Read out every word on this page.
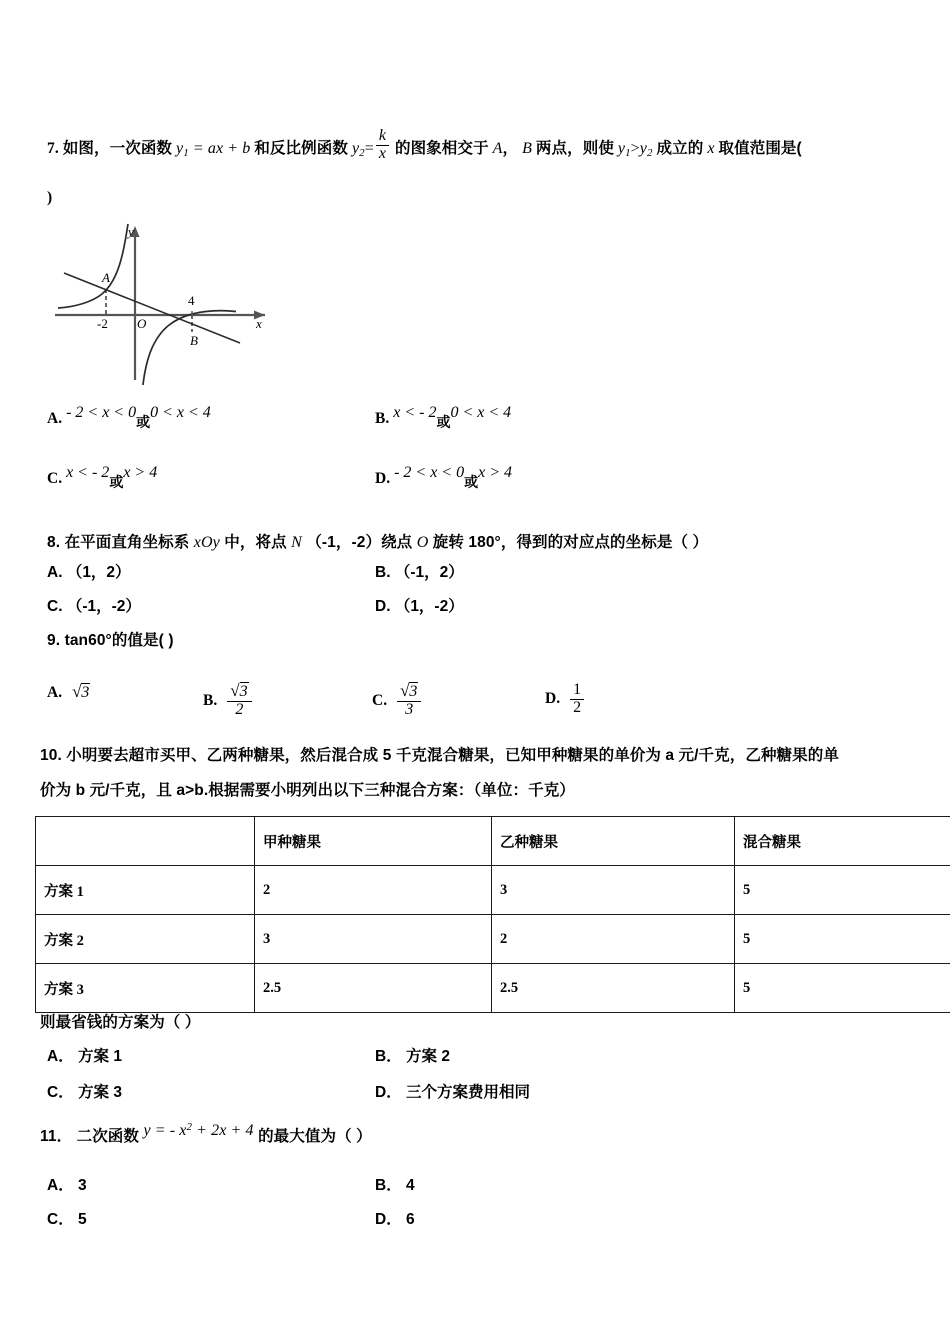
7. 如图，一次函数 $y_1$ = ax + b 和反比例函数 $y_2= \frac{k}{x}$ 的图象相交于 A， B 两点，则使 $y_1>y_2$ 成立的 x 取值范围是(
)
y
x
O
-2
4
A
B
A. - 2 < x < 0或0 < x < 4	B. x < - 2或0 < x < 4
C. x < - 2或x > 4	D. - 2 < x < 0或x > 4
8. 在平面直角坐标系 xOy 中，将点 N （-1，-2）绕点 O 旋转 180°，得到的对应点的坐标是（ ）
A. （1，2）	B. （-1，2）
C. （-1，-2）	D. （1，-2）
9. tan60°的值是( )
A. √3	B. $\frac{√3}{2}$	C. $\frac{√3}{3}$	D. $\frac{1}{2}$
10. 小明要去超市买甲、乙两种糖果，然后混合成 5 千克混合糖果，已知甲种糖果的单价为 a 元/千克，乙种糖果的单
价为 b 元/千克，且 a>b.根据需要小明列出以下三种混合方案：（单位：千克）
	甲种糖果	乙种糖果	混合糖果
方案 1	2	3	5
方案 2	3	2	5
方案 3	2.5	2.5	5
则最省钱的方案为（ ）
A． 方案 1	B． 方案 2
C． 方案 3	D． 三个方案费用相同
11． 二次函数 y = - $x^2 + 2x + 4$ 的最大值为（ ）
A． 3	B． 4
C． 5	D． 6
